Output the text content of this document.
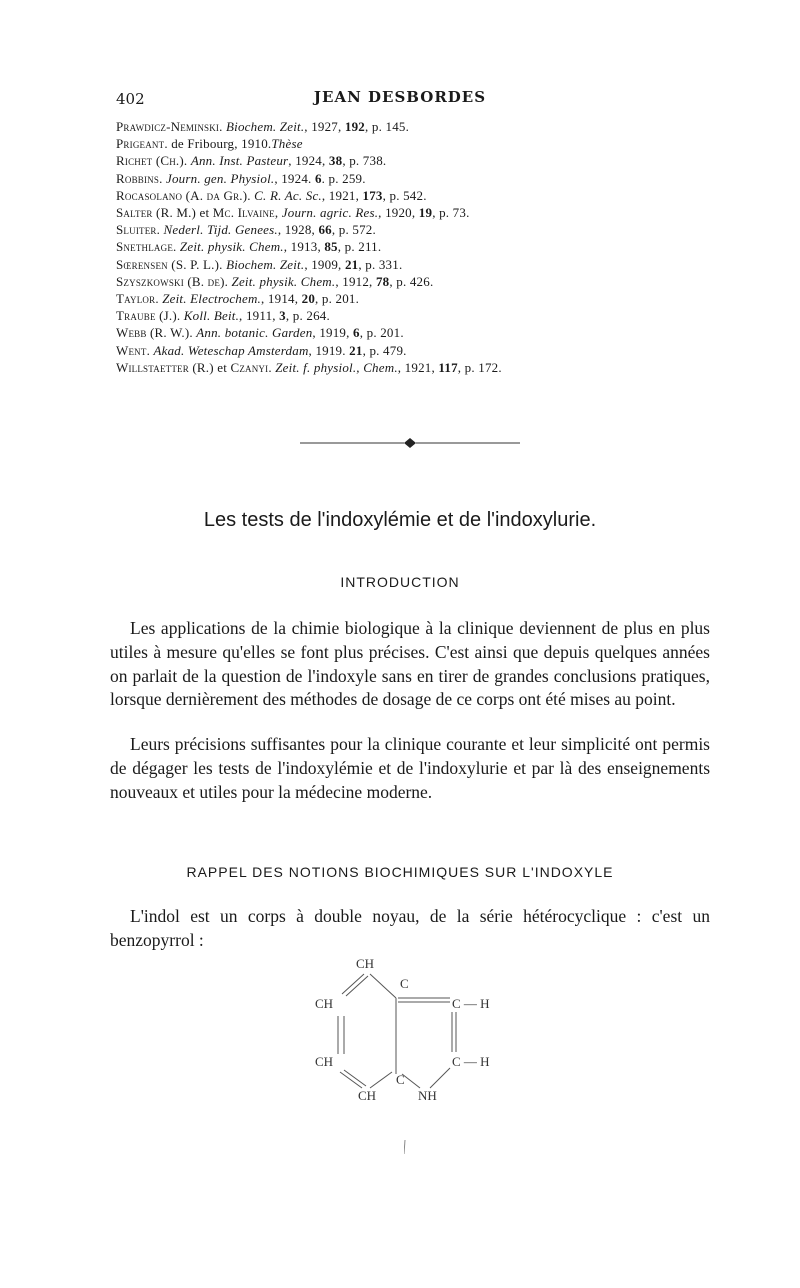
402	JEAN DESBORDES
Prawdicz-Neminski. Biochem. Zeit., 1927, 192, p. 145.
Prigeant. de Fribourg, 1910.Thèse
Richet (Ch.). Ann. Inst. Pasteur, 1924, 38, p. 738.
Robbins. Journ. gen. Physiol., 1924. 6. p. 259.
Rocasolano (A. da Gr.). C. R. Ac. Sc., 1921, 173, p. 542.
Salter (R. M.) et Mc. Ilvaine, Journ. agric. Res., 1920, 19, p. 73.
Sluiter. Nederl. Tijd. Genees., 1928, 66, p. 572.
Snethlage. Zeit. physik. Chem., 1913, 85, p. 211.
Sœrensen (S. P. L.). Biochem. Zeit., 1909, 21, p. 331.
Szyszkowski (B. de). Zeit. physik. Chem., 1912, 78, p. 426.
Taylor. Zeit. Electrochem., 1914, 20, p. 201.
Traube (J.). Koll. Beit., 1911, 3, p. 264.
Webb (R. W.). Ann. botanic. Garden, 1919, 6, p. 201.
Went. Akad. Weteschap Amsterdam, 1919. 21, p. 479.
Willstaetter (R.) et Czanyi. Zeit. f. physiol., Chem., 1921, 117, p. 172.
Les tests de l'indoxylémie et de l'indoxylurie.
INTRODUCTION

Les applications de la chimie biologique à la clinique deviennent de plus en plus utiles à mesure qu'elles se font plus précises. C'est ainsi que depuis quelques années on parlait de la question de l'indoxyle sans en tirer de grandes conclusions pratiques, lorsque dernièrement des méthodes de dosage de ce corps ont été mises au point.

Leurs précisions suffisantes pour la clinique courante et leur simplicité ont permis de dégager les tests de l'indoxylémie et de l'indoxylurie et par là des enseignements nouveaux et utiles pour la médecine moderne.

RAPPEL DES NOTIONS BIOCHIMIQUES SUR L'INDOXYLE

L'indol est un corps à double noyau, de la série hétérocyclique : c'est un benzopyrrol :

CH
C
CH	C — H
CH	C — H
C
CH	NH
